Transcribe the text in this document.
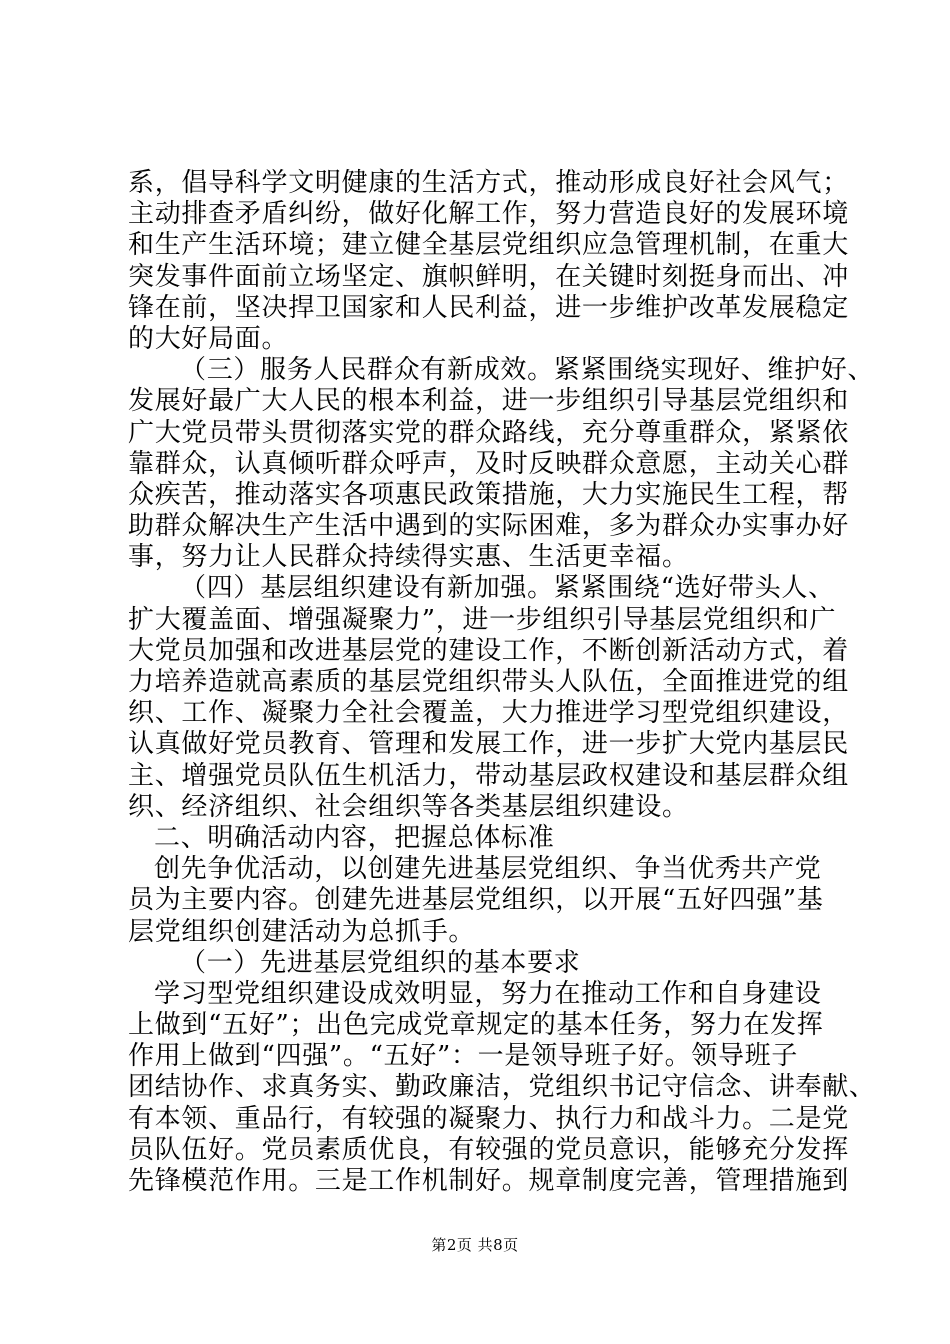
系，倡导科学文明健康的生活方式，推动形成良好社会风气；
主动排查矛盾纠纷，做好化解工作，努力营造良好的发展环境
和生产生活环境；建立健全基层党组织应急管理机制，在重大
突发事件面前立场坚定、旗帜鲜明，在关键时刻挺身而出、冲
锋在前，坚决捍卫国家和人民利益，进一步维护改革发展稳定
的大好局面。
（三）服务人民群众有新成效。紧紧围绕实现好、维护好、
发展好最广大人民的根本利益，进一步组织引导基层党组织和
广大党员带头贯彻落实党的群众路线，充分尊重群众，紧紧依
靠群众，认真倾听群众呼声，及时反映群众意愿，主动关心群
众疾苦，推动落实各项惠民政策措施，大力实施民生工程，帮
助群众解决生产生活中遇到的实际困难，多为群众办实事办好
事，努力让人民群众持续得实惠、生活更幸福。
（四）基层组织建设有新加强。紧紧围绕“选好带头人、
扩大覆盖面、增强凝聚力”，进一步组织引导基层党组织和广
大党员加强和改进基层党的建设工作，不断创新活动方式，着
力培养造就高素质的基层党组织带头人队伍，全面推进党的组
织、工作、凝聚力全社会覆盖，大力推进学习型党组织建设，
认真做好党员教育、管理和发展工作，进一步扩大党内基层民
主、增强党员队伍生机活力，带动基层政权建设和基层群众组
织、经济组织、社会组织等各类基层组织建设。
二、明确活动内容，把握总体标准
创先争优活动，以创建先进基层党组织、争当优秀共产党
员为主要内容。创建先进基层党组织，以开展“五好四强”基
层党组织创建活动为总抓手。
（一）先进基层党组织的基本要求
学习型党组织建设成效明显，努力在推动工作和自身建设
上做到“五好”；出色完成党章规定的基本任务，努力在发挥
作用上做到“四强”。“五好”：一是领导班子好。领导班子
团结协作、求真务实、勤政廉洁，党组织书记守信念、讲奉献、
有本领、重品行，有较强的凝聚力、执行力和战斗力。二是党
员队伍好。党员素质优良，有较强的党员意识，能够充分发挥
先锋模范作用。三是工作机制好。规章制度完善，管理措施到
第2页 共8页
